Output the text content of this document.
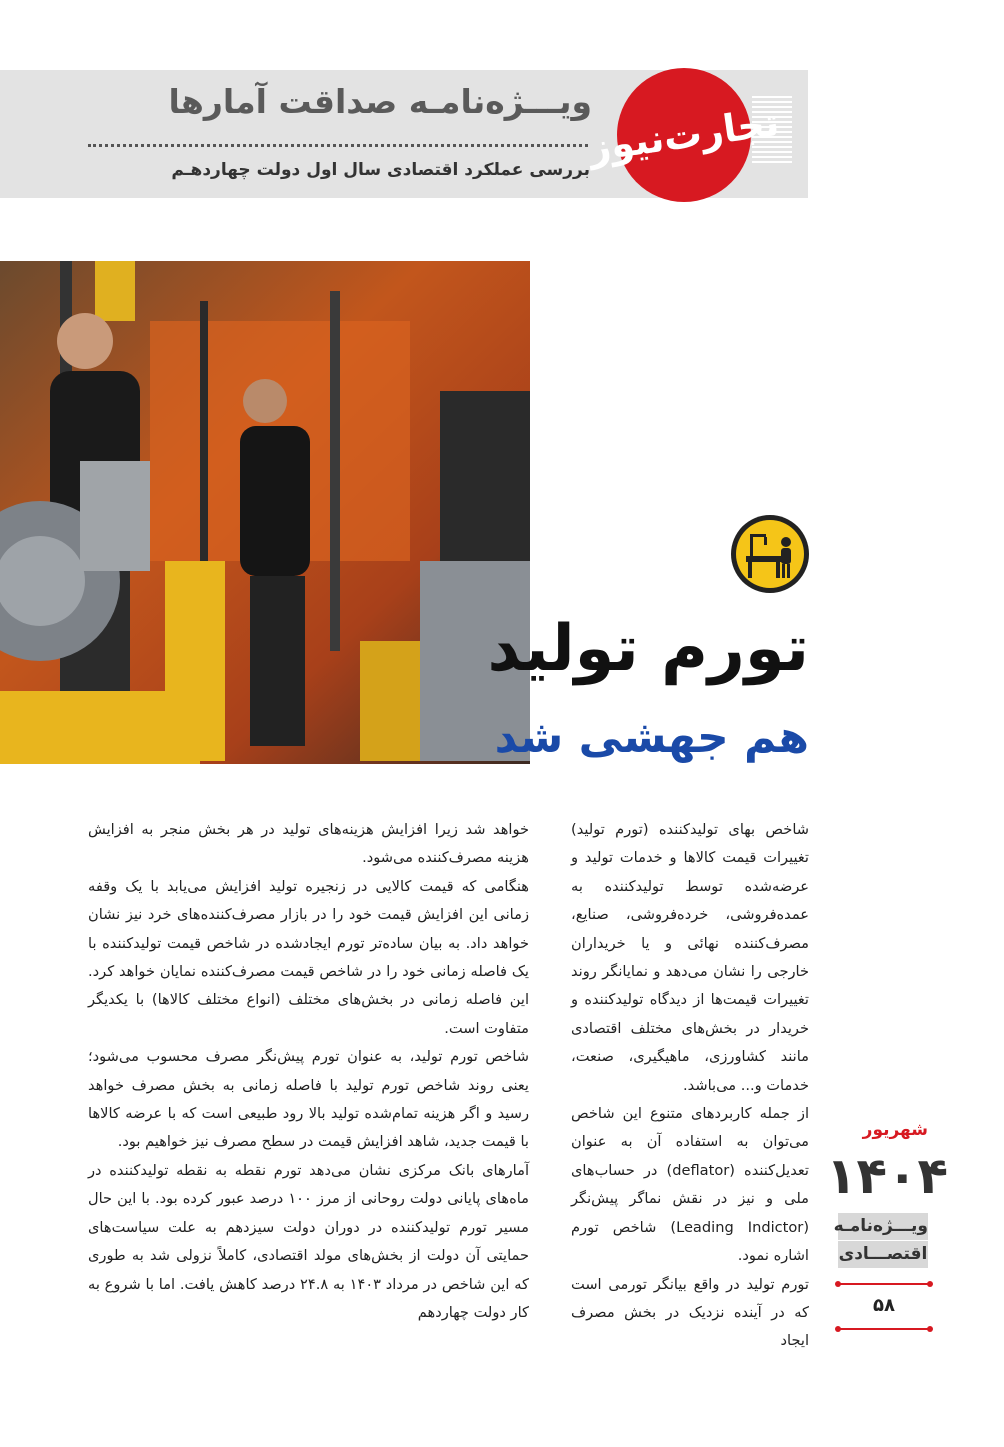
ویـــژه‌نامـه صداقت آمارها
بررسی عملکرد اقتصادی سال اول دولت چهاردهـم
تجارت‌نیوز
تورم تولید
هم جهشی شد
شاخص بهای تولیدکننده (تورم تولید) تغییرات قیمت کالاها و خدمات تولید و عرضه‌شده توسط تولیدکننده به عمده‌فروشی، خرده‌فروشی، صنایع، مصرف‌کننده نهائی و یا خریداران خارجی را نشان می‌دهد و نمایانگر روند تغییرات قیمت‌ها از دیدگاه تولیدکننده و خریدار در بخش‌های مختلف اقتصادی مانند کشاورزی، ماهیگیری، صنعت، خدمات و... می‌باشد.
از جمله کاربردهای متنوع این شاخص می‌توان به استفاده آن به عنوان تعدیل‌کننده (deflator) در حساب‌های ملی و نیز در نقش نماگر پیش‌نگر (Leading Indictor) شاخص تورم اشاره نمود.
تورم تولید در واقع بیانگر تورمی است که در آینده نزدیک در بخش مصرف ایجاد
خواهد شد زیرا افزایش هزینه‌های تولید در هر بخش منجر به افزایش هزینه مصرف‌کننده می‌شود.
هنگامی که قیمت کالایی در زنجیره تولید افزایش می‌یابد با یک وقفه زمانی این افزایش قیمت خود را در بازار مصرف‌کننده‌های خرد نیز نشان خواهد داد. به بیان ساده‌تر تورم ایجادشده در شاخص قیمت تولیدکننده با یک فاصله زمانی خود را در شاخص قیمت مصرف‌کننده نمایان خواهد کرد. این فاصله زمانی در بخش‌های مختلف (انواع مختلف کالاها) با یکدیگر متفاوت است.
شاخص تورم تولید، به عنوان تورم پیش‌نگر مصرف محسوب می‌شود؛ یعنی روند شاخص تورم تولید با فاصله زمانی به بخش مصرف خواهد رسید و اگر هزینه تمام‌شده تولید بالا رود طبیعی است که با عرضه کالاها با قیمت جدید، شاهد افزایش قیمت در سطح مصرف نیز خواهیم بود.
آمارهای بانک مرکزی نشان می‌دهد تورم نقطه به نقطه تولیدکننده در ماه‌های پایانی دولت روحانی از مرز ۱۰۰ درصد عبور کرده بود. با این حال مسیر تورم تولیدکننده در دوران دولت سیزدهم به علت سیاست‌های حمایتی آن دولت از بخش‌های مولد اقتصادی، کاملاً نزولی شد به طوری که این شاخص در مرداد ۱۴۰۳ به ۲۴.۸ درصد کاهش یافت. اما با شروع به کار دولت چهاردهم
شهریور
۱۴۰۴
ویـــژه‌نامـه
اقتصـــادی
۵۸
